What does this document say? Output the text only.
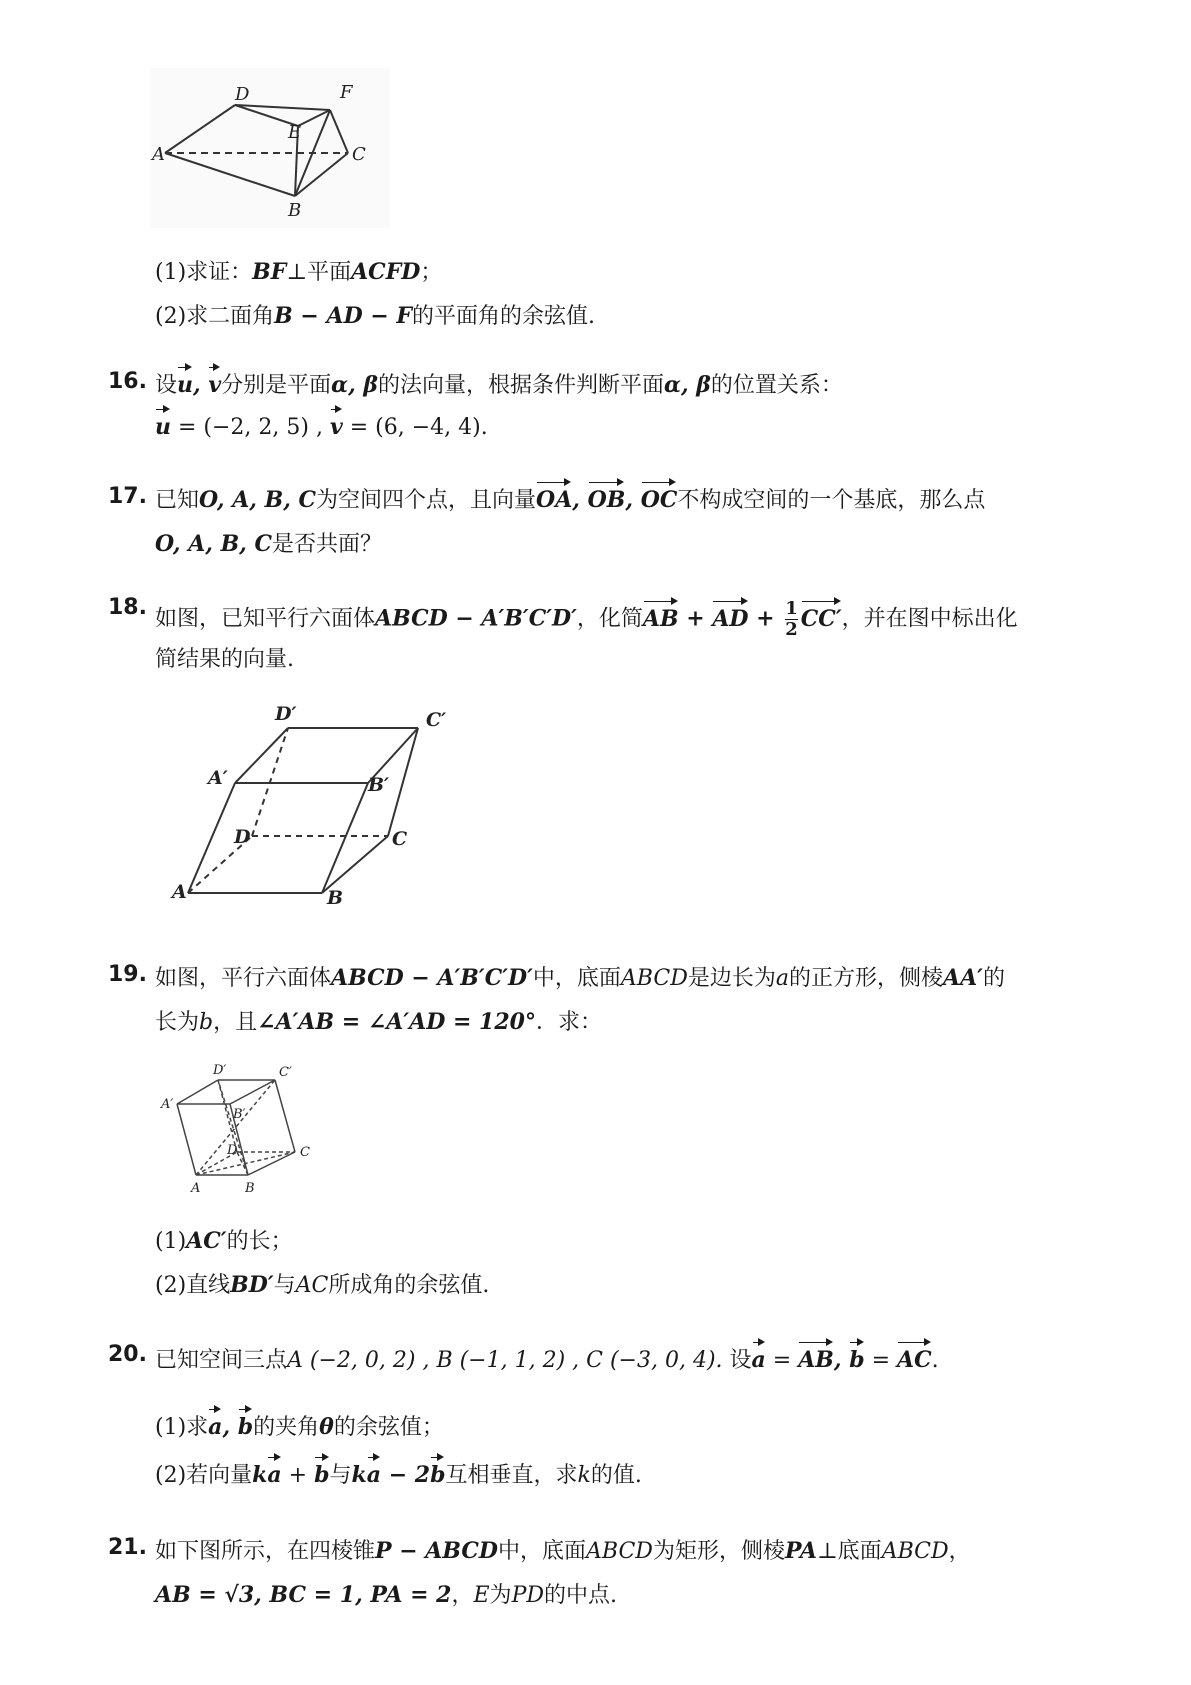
D	F
E
A	C
B
(1)求证：BF⊥平面ACFD；
(2)求二面角B − AD − F的平面角的余弦值.
16. 设u, v分别是平面α, β的法向量，根据条件判断平面α, β的位置关系：
u = (−2, 2, 5) , v = (6, −4, 4).
17. 已知O, A, B, C为空间四个点，且向量OA, OB, OC不构成空间的一个基底，那么点
O, A, B, C是否共面？
18. 如图，已知平行六面体ABCD − A′B′C′D′，化简AB + AD + $\frac{1}{2} CC'$，并在图中标出化
简结果的向量.
D′	C′
A′	B′
D	C
A	B
19. 如图，平行六面体ABCD − A′B′C′D′中，底面ABCD是边长为a的正方形，侧棱AA′的
长为b，且∠A′AB = ∠A′AD = 120°．求：
D′	C′
A′
B′
D	C
A	B
(1)AC′的长；
(2)直线BD′与AC所成角的余弦值.
20. 已知空间三点A (−2, 0, 2) , B (−1, 1, 2) , C (−3, 0, 4). 设a = AB, b = AC.
(1)求a, b的夹角θ的余弦值；
(2)若向量ka + b与ka − 2b互相垂直，求k的值.
21. 如下图所示，在四棱锥P − ABCD中，底面ABCD为矩形，侧棱PA⊥底面ABCD，
AB = √3, BC = 1, PA = 2，E为PD的中点.
